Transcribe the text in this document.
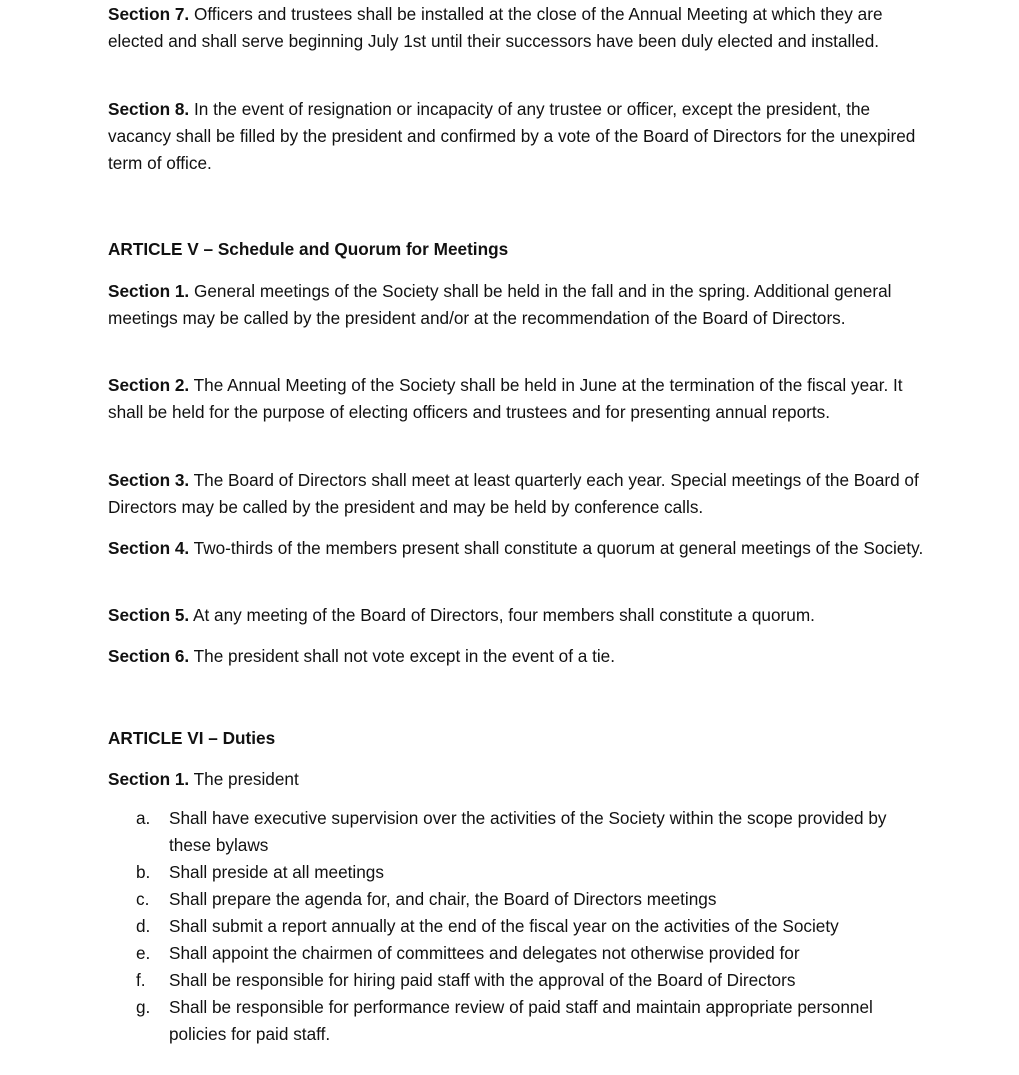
Section 7. Officers and trustees shall be installed at the close of the Annual Meeting at which they are elected and shall serve beginning July 1st until their successors have been duly elected and installed.

Section 8. In the event of resignation or incapacity of any trustee or officer, except the president, the vacancy shall be filled by the president and confirmed by a vote of the Board of Directors for the unexpired term of office.

ARTICLE V – Schedule and Quorum for Meetings

Section 1. General meetings of the Society shall be held in the fall and in the spring. Additional general meetings may be called by the president and/or at the recommendation of the Board of Directors.

Section 2. The Annual Meeting of the Society shall be held in June at the termination of the fiscal year. It shall be held for the purpose of electing officers and trustees and for presenting annual reports.

Section 3. The Board of Directors shall meet at least quarterly each year. Special meetings of the Board of Directors may be called by the president and may be held by conference calls.

Section 4. Two-thirds of the members present shall constitute a quorum at general meetings of the Society.

Section 5. At any meeting of the Board of Directors, four members shall constitute a quorum.

Section 6. The president shall not vote except in the event of a tie.

ARTICLE VI – Duties

Section 1. The president

a. Shall have executive supervision over the activities of the Society within the scope provided by these bylaws
b. Shall preside at all meetings
c. Shall prepare the agenda for, and chair, the Board of Directors meetings
d. Shall submit a report annually at the end of the fiscal year on the activities of the Society
e. Shall appoint the chairmen of committees and delegates not otherwise provided for
f. Shall be responsible for hiring paid staff with the approval of the Board of Directors
g. Shall be responsible for performance review of paid staff and maintain appropriate personnel policies for paid staff.
